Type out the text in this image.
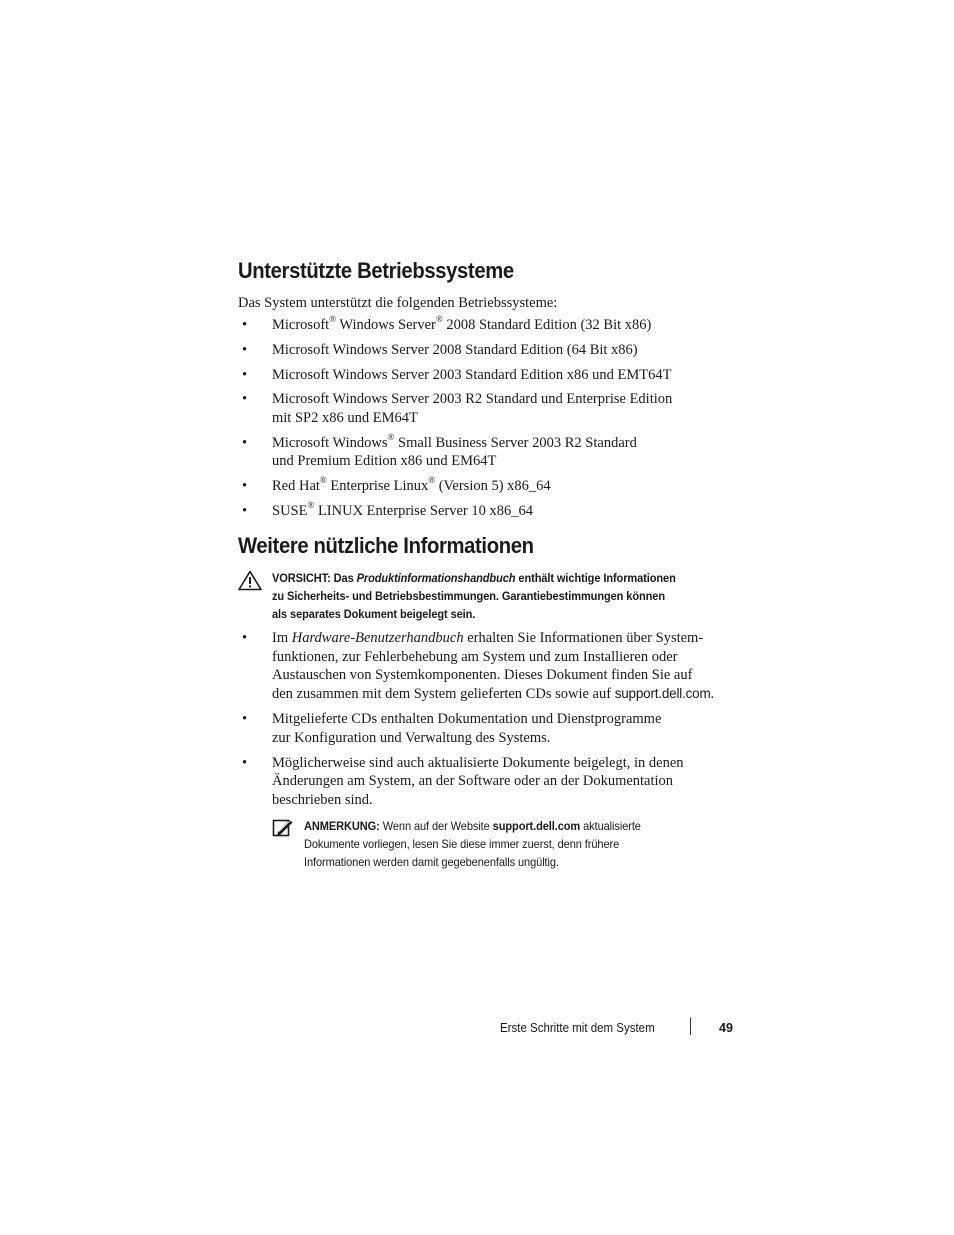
Unterstützte Betriebssysteme
Das System unterstützt die folgenden Betriebssysteme:
• Microsoft® Windows Server® 2008 Standard Edition (32 Bit x86)
• Microsoft Windows Server 2008 Standard Edition (64 Bit x86)
• Microsoft Windows Server 2003 Standard Edition x86 und EMT64T
• Microsoft Windows Server 2003 R2 Standard und Enterprise Edition
mit SP2 x86 und EM64T
• Microsoft Windows® Small Business Server 2003 R2 Standard
und Premium Edition x86 und EM64T
• Red Hat® Enterprise Linux® (Version 5) x86_64
• SUSE® LINUX Enterprise Server 10 x86_64
Weitere nützliche Informationen
VORSICHT: Das Produktinformationshandbuch enthält wichtige Informationen
zu Sicherheits- und Betriebsbestimmungen. Garantiebestimmungen können
als separates Dokument beigelegt sein.
• Im Hardware-Benutzerhandbuch erhalten Sie Informationen über System-
funktionen, zur Fehlerbehebung am System und zum Installieren oder
Austauschen von Systemkomponenten. Dieses Dokument finden Sie auf
den zusammen mit dem System gelieferten CDs sowie auf support.dell.com.
• Mitgelieferte CDs enthalten Dokumentation und Dienstprogramme
zur Konfiguration und Verwaltung des Systems.
• Möglicherweise sind auch aktualisierte Dokumente beigelegt, in denen
Änderungen am System, an der Software oder an der Dokumentation
beschrieben sind.
ANMERKUNG: Wenn auf der Website support.dell.com aktualisierte
Dokumente vorliegen, lesen Sie diese immer zuerst, denn frühere
Informationen werden damit gegebenenfalls ungültig.
Erste Schritte mit dem System	49
